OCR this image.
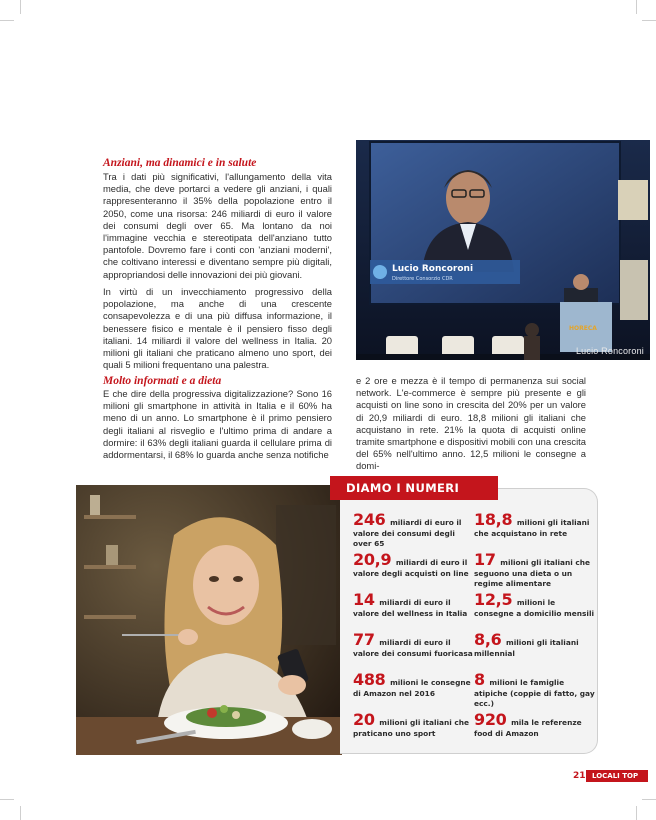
Anziani, ma dinamici e in salute

Tra i dati più significativi, l'allungamento della vita media, che deve portarci a vedere gli anziani, i quali rappresenteranno il 35% della popolazione entro il 2050, come una risorsa: 246 miliardi di euro il valore dei consumi degli over 65. Ma lontano da noi l'immagine vecchia e stereotipata dell'anziano tutto pantofole. Dovremo fare i conti con 'anziani moderni', che coltivano interessi e diventano sempre più digitali, appropriandosi delle innovazioni dei più giovani.

In virtù di un invecchiamento progressivo della popolazione, ma anche di una crescente consapevolezza e di una più diffusa informazione, il benessere fisico e mentale è il pensiero fisso degli italiani. 14 miliardi il valore del wellness in Italia. 20 milioni gli italiani che praticano almeno uno sport, dei quali 5 milioni frequentano una palestra.

Lucio Roncoroni
Direttore Consorzio CDR
HORECA
Lucio Roncoroni
Molto informati e a dieta

E che dire della progressiva digitalizzazione? Sono 16 milioni gli smartphone in attività in Italia e il 60% ha meno di un anno. Lo smartphone è il primo pensiero degli italiani al risveglio e l'ultimo prima di andare a dormire: il 63% degli italiani guarda il cellulare prima di addormentarsi, il 68% lo guarda anche senza notifiche

e 2 ore e mezza è il tempo di permanenza sui social network. L'e-commerce è sempre più presente e gli acquisti on line sono in crescita del 20% per un valore di 20,9 miliardi di euro. 18,8 milioni gli italiani che acquistano in rete. 21% la quota di acquisti online tramite smartphone e dispositivi mobili con una crescita del 65% nell'ultimo anno. 12,5 milioni le consegne a domi-

DIAMO I NUMERI
246 miliardi di euro il valore dei consumi degli over 65
18,8 milioni gli italiani che acquistano in rete
20,9 miliardi di euro il valore degli acquisti on line
17 milioni gli italiani che seguono una dieta o un regime alimentare
14 miliardi di euro il valore del wellness in Italia
12,5 milioni le consegne a domicilio mensili
77 miliardi di euro il valore dei consumi fuoricasa
8,6 milioni gli italiani millennial
488 milioni le consegne di Amazon nel 2016
8 milioni le famiglie atipiche (coppie di fatto, gay ecc.)
20 milioni gli italiani che praticano uno sport
920 mila le referenze food di Amazon
21 LOCALI TOP
